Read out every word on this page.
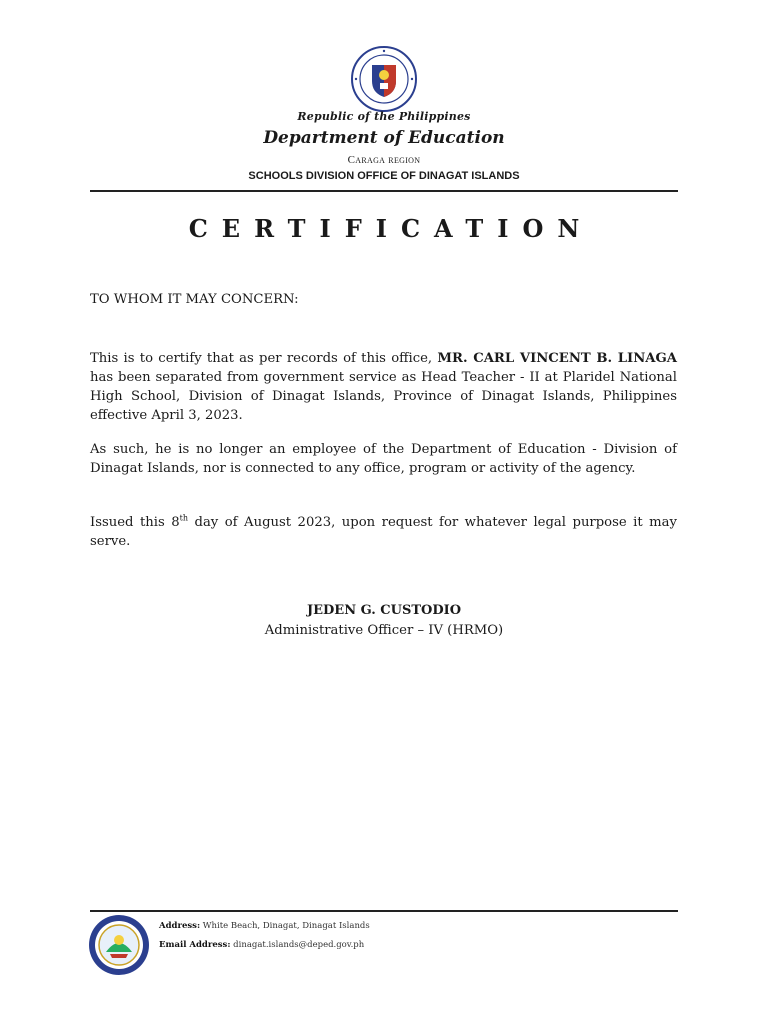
Republic of the Philippines
Department of Education
Caraga region
SCHOOLS DIVISION OFFICE OF DINAGAT ISLANDS
CERTIFICATION
TO WHOM IT MAY CONCERN:
This is to certify that as per records of this office, MR. CARL VINCENT B. LINAGA has been separated from government service as Head Teacher - II at Plaridel National High School, Division of Dinagat Islands, Province of Dinagat Islands, Philippines effective April 3, 2023.
As such, he is no longer an employee of the Department of Education - Division of Dinagat Islands, nor is connected to any office, program or activity of the agency.
Issued this 8th day of August 2023, upon request for whatever legal purpose it may serve.
JEDEN G. CUSTODIO
Administrative Officer – IV (HRMO)
Address: White Beach, Dinagat, Dinagat Islands
Email Address: dinagat.islands@deped.gov.ph
